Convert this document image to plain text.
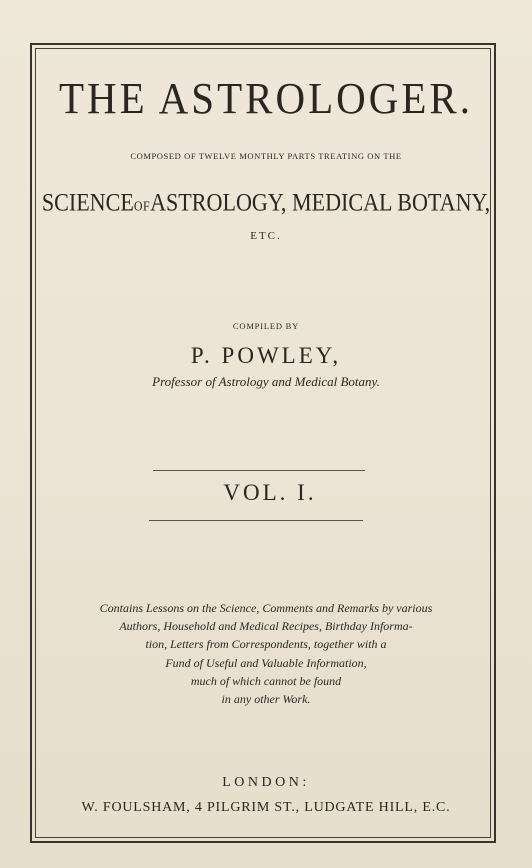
THE ASTROLOGER.
COMPOSED OF TWELVE MONTHLY PARTS TREATING ON THE
SCIENCEOFASTROLOGY, MEDICAL BOTANY,
ETC.
COMPILED BY
P. POWLEY,
Professor of Astrology and Medical Botany.
VOL. I.
Contains Lessons on the Science, Comments and Remarks by various
Authors, Household and Medical Recipes, Birthday Informa-
tion, Letters from Correspondents, together with a
Fund of Useful and Valuable Information,
much of which cannot be found
in any other Work.
LONDON:
W. FOULSHAM, 4 PILGRIM ST., LUDGATE HILL, E.C.
